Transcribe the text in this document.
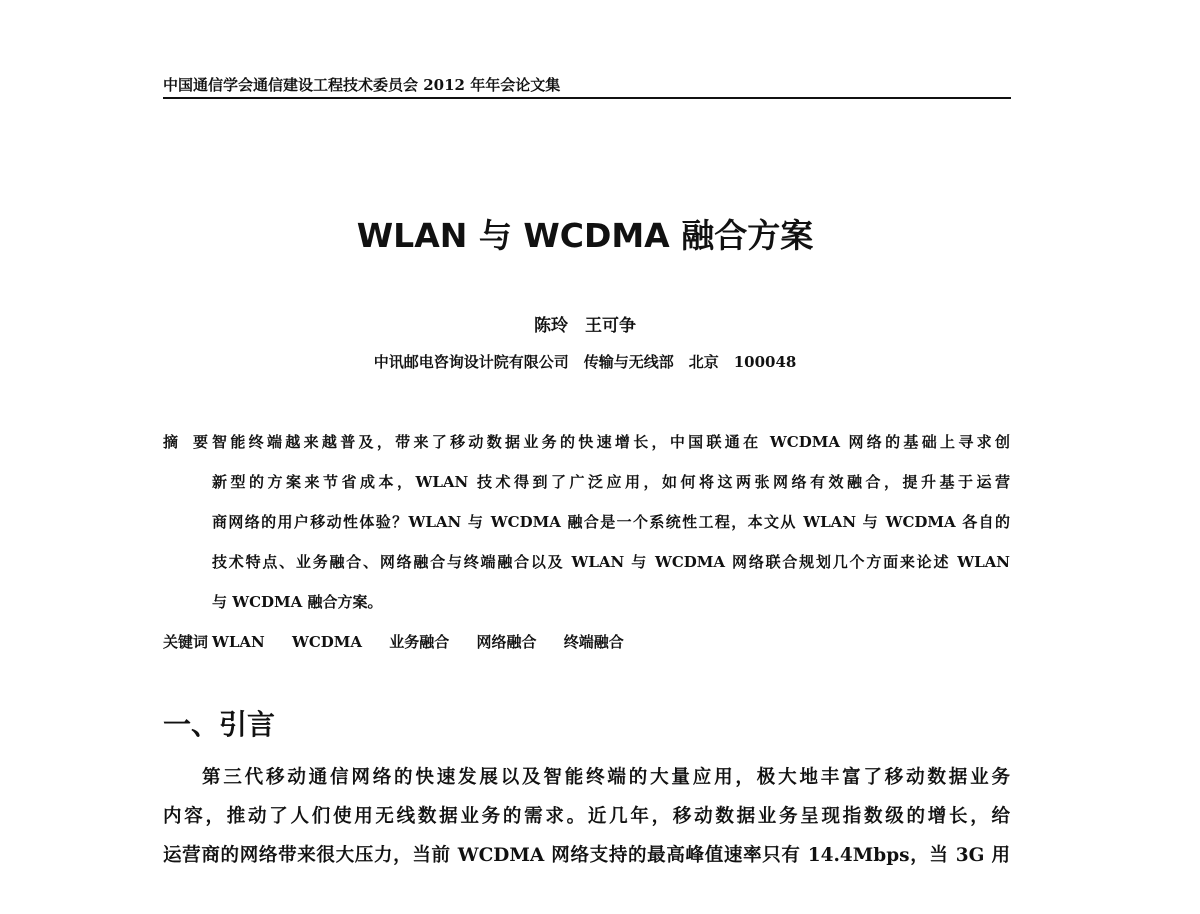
中国通信学会通信建设工程技术委员会 2012 年年会论文集
WLAN 与 WCDMA 融合方案
陈玲　王可争
中讯邮电咨询设计院有限公司　传输与无线部　北京　100048
摘　要 智能终端越来越普及，带来了移动数据业务的快速增长，中国联通在 WCDMA 网络的基础上寻求创
新型的方案来节省成本，WLAN 技术得到了广泛应用，如何将这两张网络有效融合，提升基于运营
商网络的用户移动性体验？WLAN 与 WCDMA 融合是一个系统性工程，本文从 WLAN 与 WCDMA 各自的
技术特点、业务融合、网络融合与终端融合以及 WLAN 与 WCDMA 网络联合规划几个方面来论述 WLAN
与 WCDMA 融合方案。
关键词 WLAN WCDMA 业务融合 网络融合 终端融合
一、引言
第三代移动通信网络的快速发展以及智能终端的大量应用，极大地丰富了移动数据业务
内容，推动了人们使用无线数据业务的需求。近几年，移动数据业务呈现指数级的增长，给
运营商的网络带来很大压力，当前 WCDMA 网络支持的最高峰值速率只有 14.4Mbps，当 3G 用
